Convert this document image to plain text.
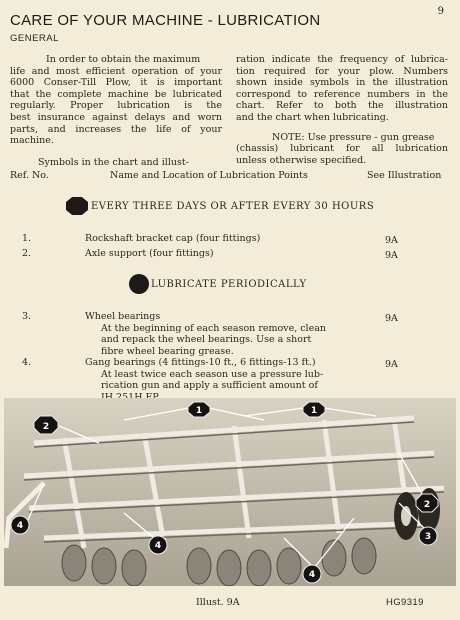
9
CARE OF YOUR MACHINE - LUBRICATION
GENERAL
In order to obtain the maximum
life and most efficient operation of your
6000 Conser-Till Plow, it is important
that the complete machine be lubricated
regularly. Proper lubrication is the
best insurance against delays and worn
parts, and increases the life of your
machine.
Symbols in the chart and illust-
ration indicate the frequency of lubrica-
tion required for your plow. Numbers
shown inside symbols in the illustration
correspond to reference numbers in the
chart. Refer to both the illustration
and the chart when lubricating.
NOTE: Use pressure - gun grease
(chassis) lubricant for all lubrication
unless otherwise specified.
Ref. No.	Name and Location of Lubrication Points	See Illustration
EVERY THREE DAYS OR AFTER EVERY 30 HOURS
1.	Rockshaft bracket cap (four fittings)	9A
2.	Axle support (four fittings)	9A
LUBRICATE PERIODICALLY
3.	Wheel bearings
At the beginning of each season remove, clean
and repack the wheel bearings. Use a short
fibre wheel bearing grease.
9A
4.	Gang bearings (4 fittings-10 ft., 6 fittings-13 ft.)
At least twice each season use a pressure lub-
rication gun and apply a sufficient amount of
9A
1	1
2
2
3
4
4
4
Illust. 9A	HG9319
